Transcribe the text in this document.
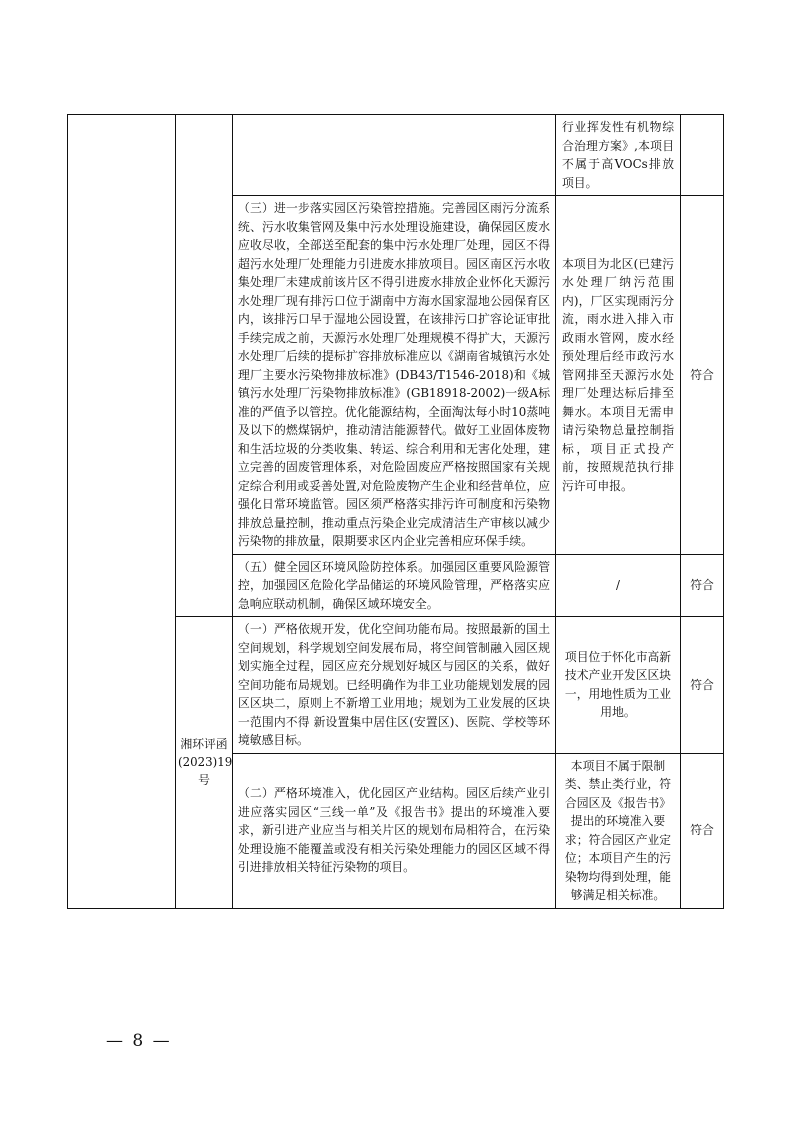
			行业挥发性有机物综合治理方案》,本项目不属于高VOCs排放项目。	
		（三）进一步落实园区污染管控措施。完善园区雨污分流系统、污水收集管网及集中污水处理设施建设，确保园区废水应收尽收，全部送至配套的集中污水处理厂处理，园区不得超污水处理厂处理能力引进废水排放项目。园区南区污水收集处理厂未建成前该片区不得引进废水排放企业怀化天源污水处理厂现有排污口位于湖南中方海水国家湿地公园保育区内，该排污口早于湿地公园设置，在该排污口扩容论证审批手续完成之前，天源污水处理厂处理规模不得扩大，天源污水处理厂后续的提标扩容排放标准应以《湖南省城镇污水处理厂主要水污染物排放标准》(DB43/T1546-2018)和《城镇污水处理厂污染物排放标准》(GB18918-2002)一级A标准的严值予以管控。优化能源结构，全面淘汰每小时10蒸吨及以下的燃煤锅炉，推动清洁能源替代。做好工业固体废物和生活垃圾的分类收集、转运、综合利用和无害化处理，建立完善的固废管理体系，对危险固废应严格按照国家有关规定综合利用或妥善处置,对危险废物产生企业和经营单位，应强化日常环境监管。园区须严格落实排污许可制度和污染物排放总量控制，推动重点污染企业完成清洁生产审核以减少污染物的排放量，限期要求区内企业完善相应环保手续。	本项目为北区(已建污水处理厂纳污范围内)，厂区实现雨污分流，雨水进入排入市政雨水管网，废水经预处理后经市政污水管网排至天源污水处理厂处理达标后排至舞水。本项目无需申请污染物总量控制指标，项目正式投产前，按照规范执行排污许可申报。	符合
		（五）健全园区环境风险防控体系。加强园区重要风险源管控，加强园区危险化学品储运的环境风险管理，严格落实应急响应联动机制，确保区域环境安全。	/	符合
	湘环评函(2023)19号	（一）严格依规开发，优化空间功能布局。按照最新的国土空间规划，科学规划空间发展布局，将空间管制融入园区规划实施全过程，园区应充分规划好城区与园区的关系，做好空间功能布局规划。已经明确作为非工业功能规划发展的园区区块二，原则上不新增工业用地；规划为工业发展的区块一范围内不得 新设置集中居住区(安置区)、医院、学校等环境敏感目标。	项目位于怀化市高新技术产业开发区区块一，用地性质为工业用地。	符合
		（二）严格环境准入，优化园区产业结构。园区后续产业引进应落实园区“三线一单”及《报告书》提出的环境准入要求，新引进产业应当与相关片区的规划布局相符合，在污染处理设施不能覆盖或没有相关污染处理能力的园区区域不得引进排放相关特征污染物的项目。	本项目不属于限制类、禁止类行业，符合园区及《报告书》提出的环境准入要求；符合园区产业定位；本项目产生的污染物均得到处理，能够满足相关标准。	符合
— 8 —
